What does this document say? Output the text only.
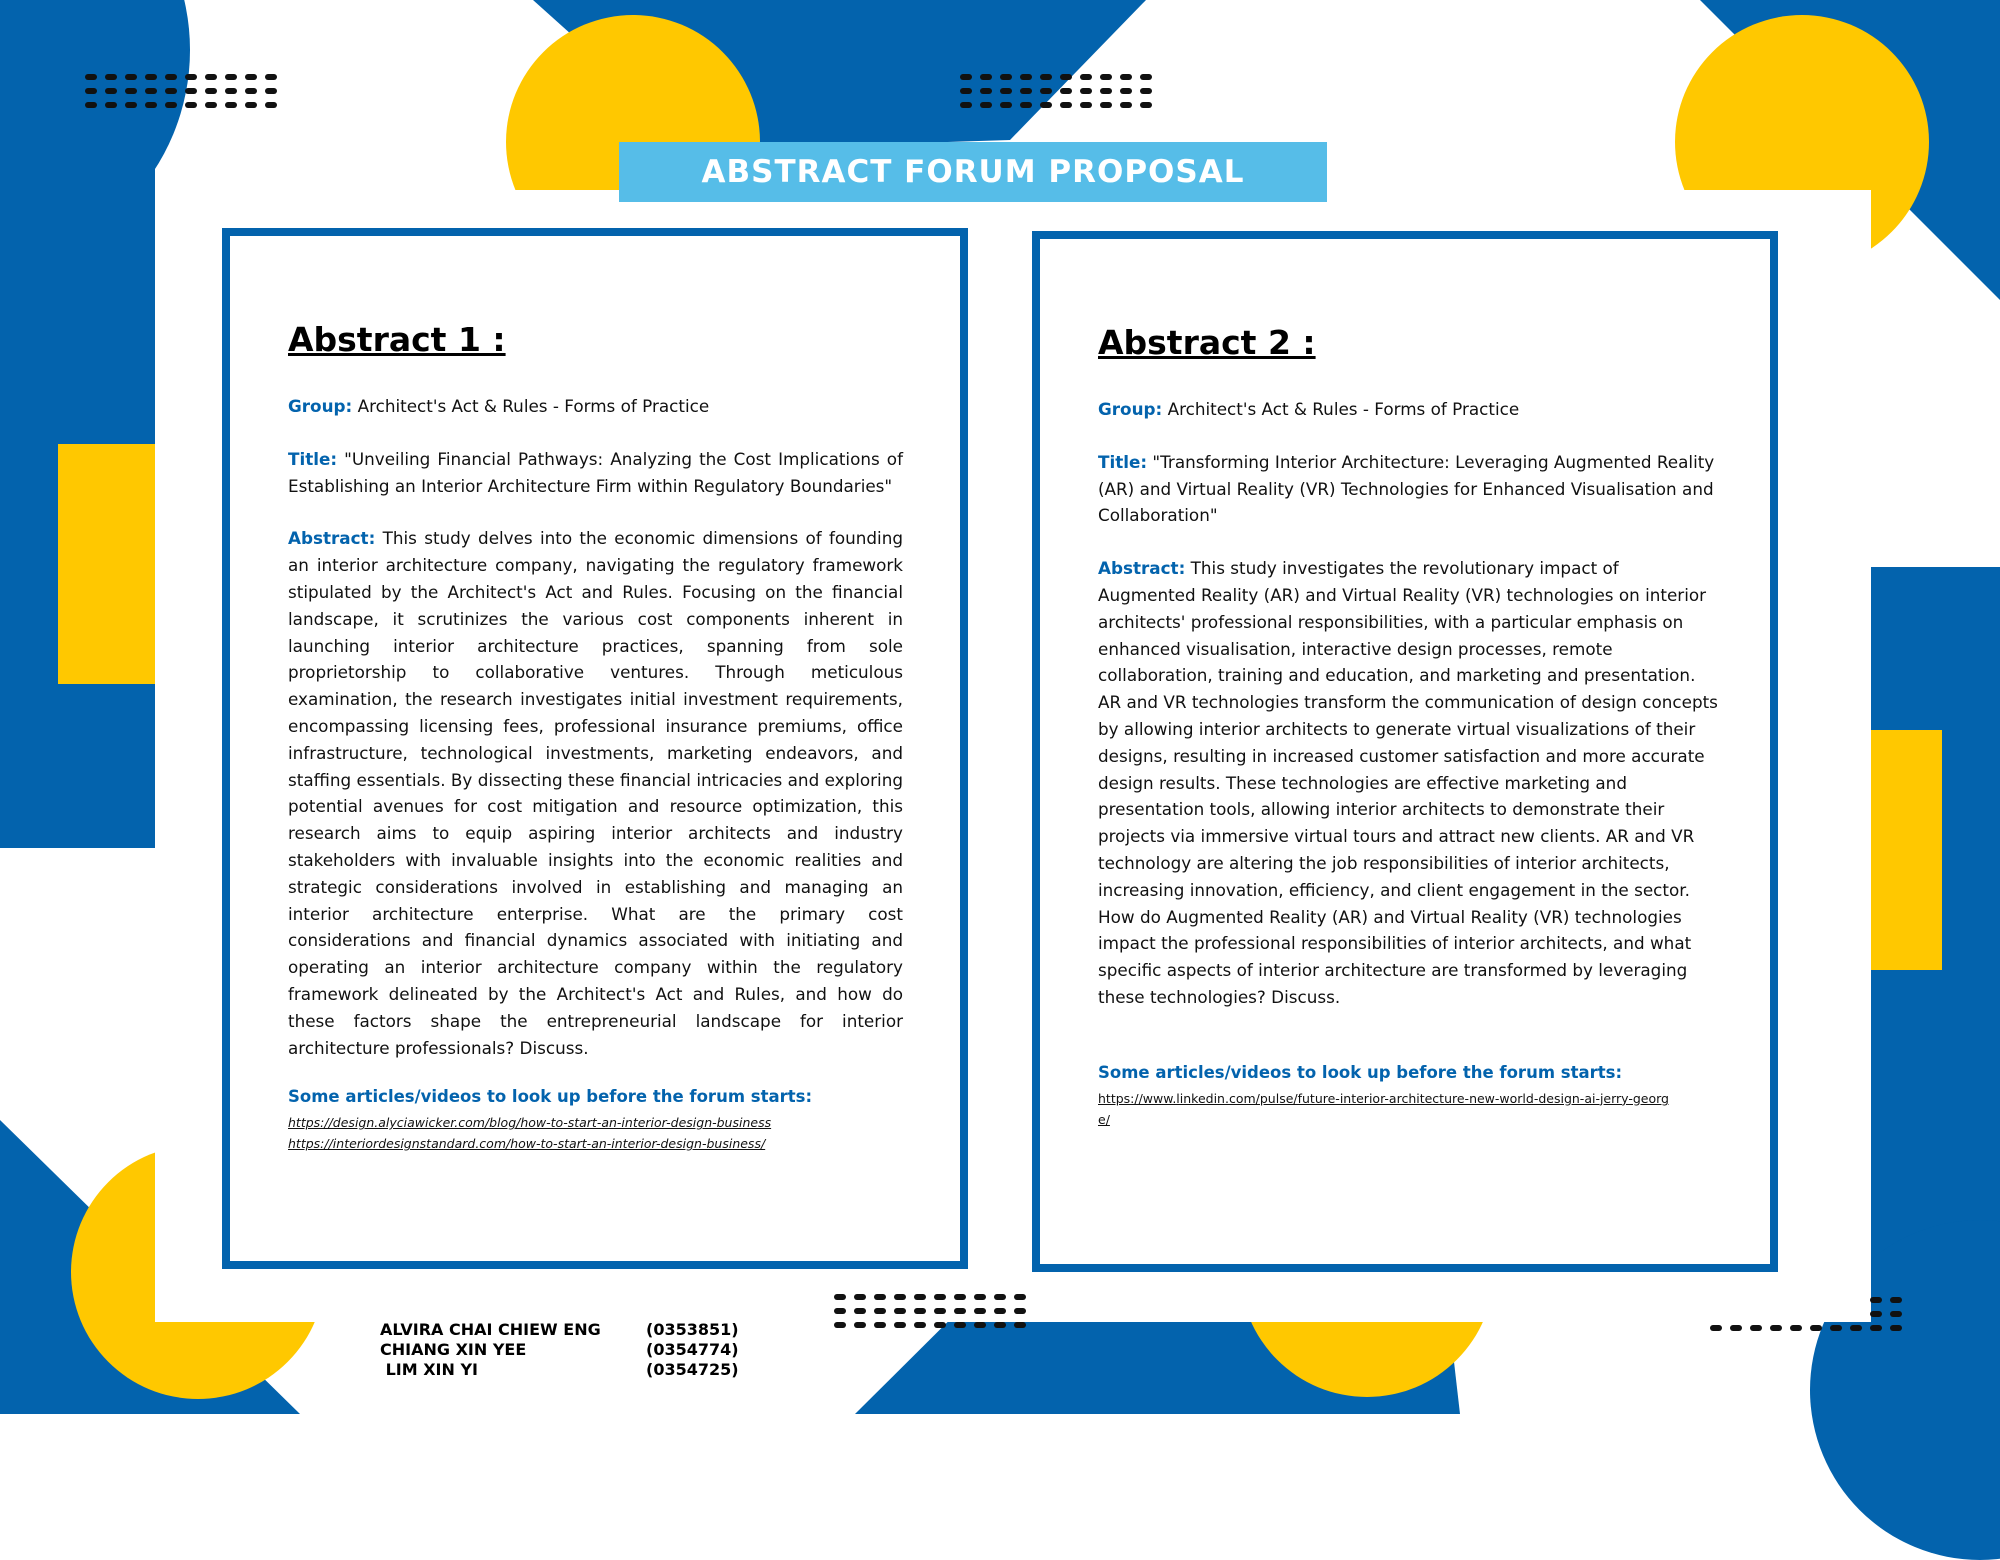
ABSTRACT FORUM PROPOSAL
Abstract 1 :

Group: Architect's Act & Rules - Forms of Practice

Title: "Unveiling Financial Pathways: Analyzing the Cost Implications of Establishing an Interior Architecture Firm within Regulatory Boundaries"

Abstract: This study delves into the economic dimensions of founding an interior architecture company, navigating the regulatory framework stipulated by the Architect's Act and Rules. Focusing on the financial landscape, it scrutinizes the various cost components inherent in launching interior architecture practices, spanning from sole proprietorship to collaborative ventures. Through meticulous examination, the research investigates initial investment requirements, encompassing licensing fees, professional insurance premiums, office infrastructure, technological investments, marketing endeavors, and staffing essentials. By dissecting these financial intricacies and exploring potential avenues for cost mitigation and resource optimization, this research aims to equip aspiring interior architects and industry stakeholders with invaluable insights into the economic realities and strategic considerations involved in establishing and managing an interior architecture enterprise. What are the primary cost considerations and financial dynamics associated with initiating and operating an interior architecture company within the regulatory framework delineated by the Architect's Act and Rules, and how do these factors shape the entrepreneurial landscape for interior architecture professionals? Discuss.

Some articles/videos to look up before the forum starts:
https://design.alyciawicker.com/blog/how-to-start-an-interior-design-business
https://interiordesignstandard.com/how-to-start-an-interior-design-business/
Abstract 2 :

Group: Architect's Act & Rules - Forms of Practice

Title: "Transforming Interior Architecture: Leveraging Augmented Reality (AR) and Virtual Reality (VR) Technologies for Enhanced Visualisation and Collaboration"

Abstract: This study investigates the revolutionary impact of Augmented Reality (AR) and Virtual Reality (VR) technologies on interior architects' professional responsibilities, with a particular emphasis on enhanced visualisation, interactive design processes, remote collaboration, training and education, and marketing and presentation. AR and VR technologies transform the communication of design concepts by allowing interior architects to generate virtual visualizations of their designs, resulting in increased customer satisfaction and more accurate design results. These technologies are effective marketing and presentation tools, allowing interior architects to demonstrate their projects via immersive virtual tours and attract new clients. AR and VR technology are altering the job responsibilities of interior architects, increasing innovation, efficiency, and client engagement in the sector. How do Augmented Reality (AR) and Virtual Reality (VR) technologies impact the professional responsibilities of interior architects, and what specific aspects of interior architecture are transformed by leveraging these technologies? Discuss.

Some articles/videos to look up before the forum starts:
https://www.linkedin.com/pulse/future-interior-architecture-new-world-design-ai-jerry-george/
ALVIRA CHAI CHIEW ENG	(0353851)
CHIANG XIN YEE	(0354774)
LIM XIN YI	(0354725)
